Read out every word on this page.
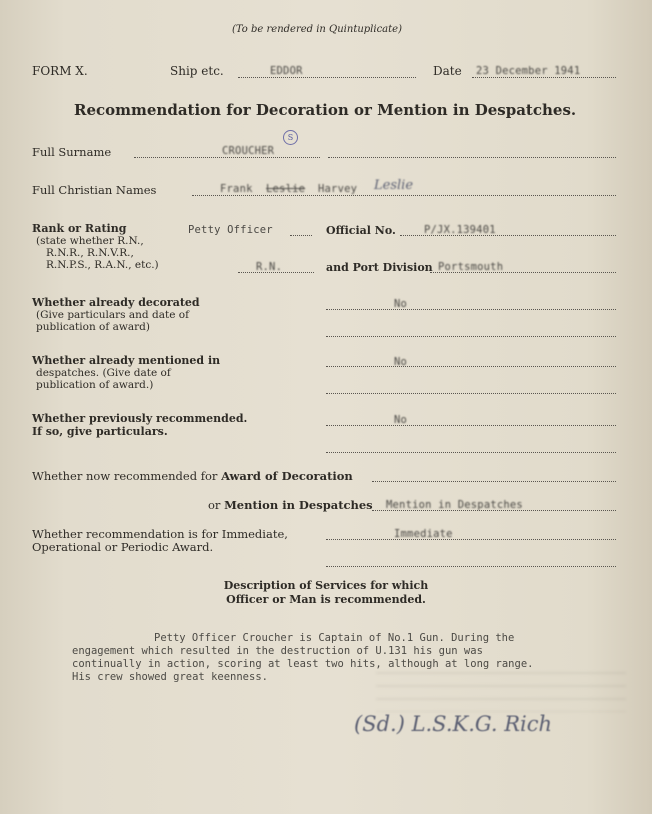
(To be rendered in Quintuplicate)
FORM X.	Ship etc.	EDDOR	Date 23 December 1941
Recommendation for Decoration or Mention in Despatches.
S
Full Surname	CROUCHER
Full Christian Names	Frank Leslie Harvey Leslie
Rank or Rating
(state whether R.N.,
R.N.R., R.N.V.R.,
R.N.P.S., R.A.N., etc.)
Petty Officer	Official No.	P/JX.139401
R.N.	and Port Division Portsmouth
Whether already decorated
(Give particulars and date of
publication of award)
No
Whether already mentioned in
despatches. (Give date of
publication of award.)
No
Whether previously recommended.
If so, give particulars.
No
Whether now recommended for Award of Decoration
or Mention in Despatches Mention in Despatches
Whether recommendation is for Immediate,
Operational or Periodic Award.
Immediate
Description of Services for which
Officer or Man is recommended.
Petty Officer Croucher is Captain of No.1 Gun. During the
engagement which resulted in the destruction of U.131 his gun was
continually in action, scoring at least two hits, although at long range.
His crew showed great keenness.
(Sd.) L.S.K.G. Rich
